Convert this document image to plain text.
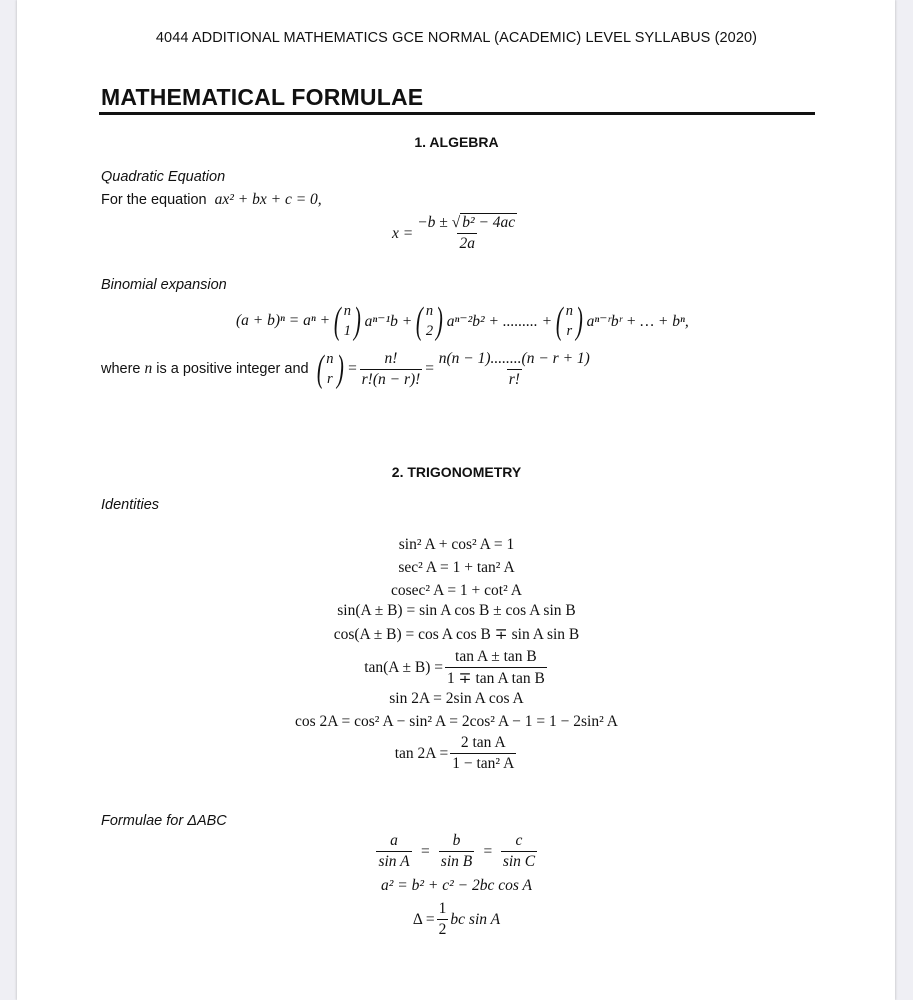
4044 ADDITIONAL MATHEMATICS GCE NORMAL (ACADEMIC) LEVEL SYLLABUS (2020)
MATHEMATICAL FORMULAE
1. ALGEBRA
Quadratic Equation
For the equation ax² + bx + c = 0,
$x = \frac{\text{−b ± √ b² − 4ac}}{2a}$
Binomial expansion
(a + b)ⁿ = aⁿ + ( n
1 ) aⁿ⁻¹b + ( n
2 ) aⁿ⁻²b² + ......... + ( n
r ) aⁿ⁻ʳbʳ + … + bⁿ,
where n is a positive integer and ( n
r ) = $\frac{n!}{r!(n - r)!} = \frac{n(n - 1)........(n - r + 1)}{r!}$
2. TRIGONOMETRY
Identities
sin² A + cos² A = 1
sec² A = 1 + tan² A
cosec² A = 1 + cot² A
sin(A ± B) = sin A cos B ± cos A sin B
cos(A ± B) = cos A cos B ∓ sin A sin B
$\tan(A \pm B) = \frac{\text{tan A ± tan B}}{\text{1 ∓ tan A tan B}}$
sin 2A = 2sin A cos A
cos 2A = cos² A − sin² A = 2cos² A − 1 = 1 − 2sin² A
$\tan 2A = \frac{\text{2 tan A}}{\text{1 − tan² A}}$
Formulae for ΔABC
$\frac{a}{\text{sin A}} = \frac{b}{\text{sin B}} = \frac{c}{\text{sin C}}$
a² = b² + c² − 2bc cos A
$\Delta = \frac{1}{2}$ bc sin A
